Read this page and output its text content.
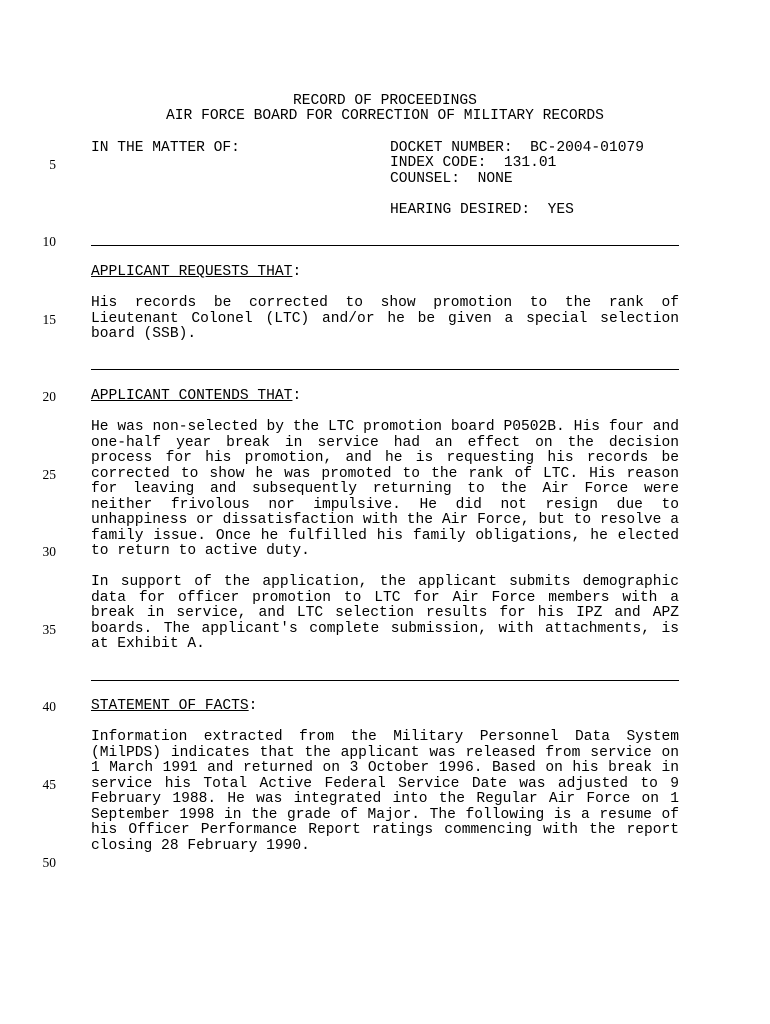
RECORD OF PROCEEDINGS
AIR FORCE BOARD FOR CORRECTION OF MILITARY RECORDS
IN THE MATTER OF:	DOCKET NUMBER:  BC-2004-01079
INDEX CODE:  131.01
COUNSEL:  NONE
HEARING DESIRED:  YES
APPLICANT REQUESTS THAT:
His records be corrected to show promotion to the rank of Lieutenant Colonel (LTC) and/or he be given a special selection board (SSB).
APPLICANT CONTENDS THAT:
He was non-selected by the LTC promotion board P0502B. His four and one-half year break in service had an effect on the decision process for his promotion, and he is requesting his records be corrected to show he was promoted to the rank of LTC. His reason for leaving and subsequently returning to the Air Force were neither frivolous nor impulsive. He did not resign due to unhappiness or dissatisfaction with the Air Force, but to resolve a family issue. Once he fulfilled his family obligations, he elected to return to active duty.
In support of the application, the applicant submits demographic data for officer promotion to LTC for Air Force members with a break in service, and LTC selection results for his IPZ and APZ boards. The applicant's complete submission, with attachments, is at Exhibit A.
STATEMENT OF FACTS:
Information extracted from the Military Personnel Data System (MilPDS) indicates that the applicant was released from service on 1 March 1991 and returned on 3 October 1996. Based on his break in service his Total Active Federal Service Date was adjusted to 9 February 1988. He was integrated into the Regular Air Force on 1 September 1998 in the grade of Major. The following is a resume of his Officer Performance Report ratings commencing with the report closing 28 February 1990.
5
10
15
20
25
30
35
40
45
50
